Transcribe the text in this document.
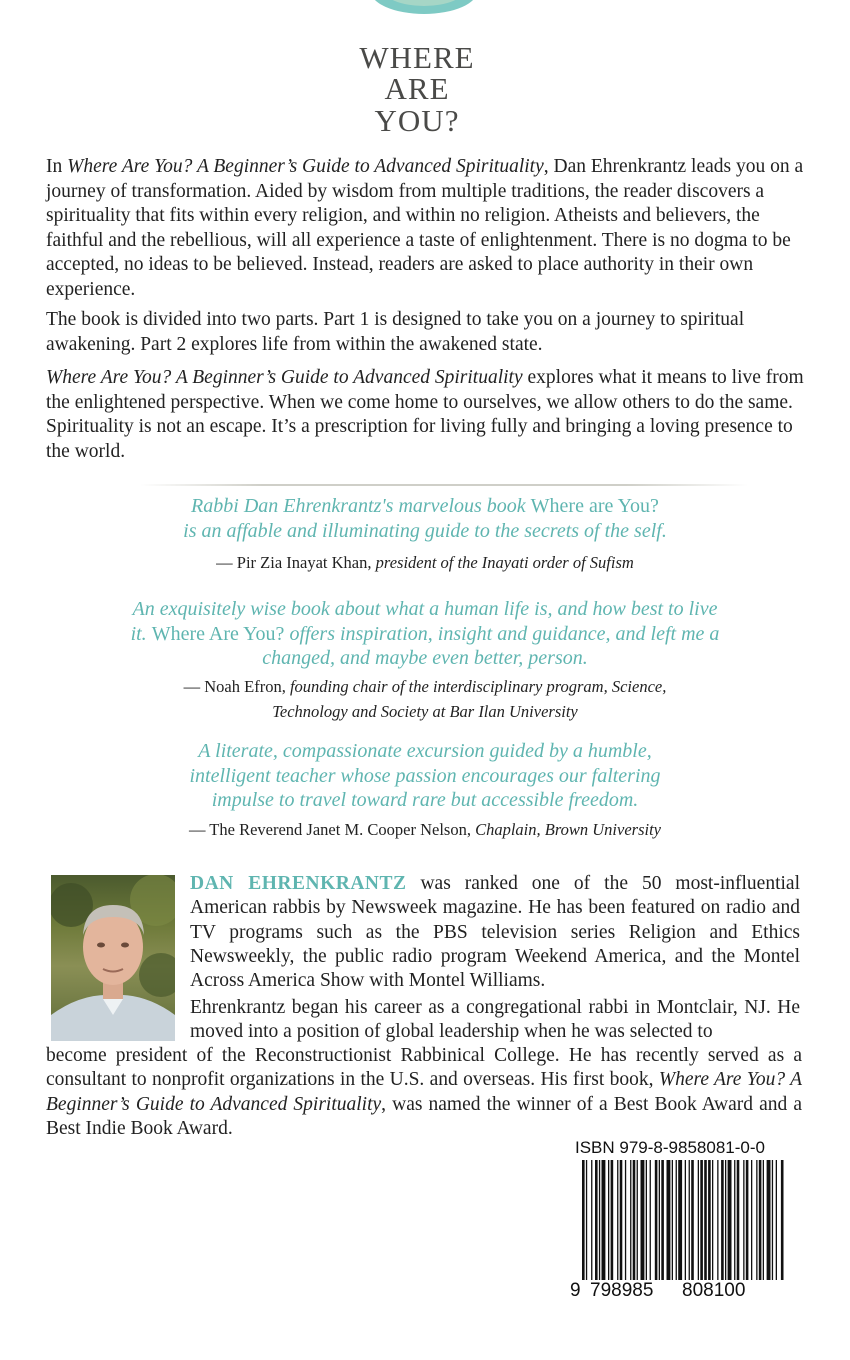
WHERE
ARE
YOU?

In Where Are You? A Beginner’s Guide to Advanced Spirituality, Dan Ehrenkrantz leads you on a journey of transformation. Aided by wisdom from multiple traditions, the reader discovers a spirituality that fits within every religion, and within no religion. Atheists and believers, the faithful and the rebellious, will all experience a taste of enlightenment. There is no dogma to be accepted, no ideas to be believed. Instead, readers are asked to place authority in their own experience.

The book is divided into two parts. Part 1 is designed to take you on a journey to spiritual awakening. Part 2 explores life from within the awakened state.

Where Are You? A Beginner’s Guide to Advanced Spirituality explores what it means to live from the enlightened perspective. When we come home to ourselves, we allow others to do the same. Spirituality is not an escape. It’s a prescription for living fully and bringing a loving presence to the world.

Rabbi Dan Ehrenkrantz's marvelous book Where are You?
is an affable and illuminating guide to the secrets of the self.
— Pir Zia Inayat Khan, president of the Inayati order of Sufism
An exquisitely wise book about what a human life is, and how best to live
it. Where Are You? offers inspiration, insight and guidance, and left me a
changed, and maybe even better, person.
— Noah Efron, founding chair of the interdisciplinary program, Science,
Technology and Society at Bar Ilan University
A literate, compassionate excursion guided by a humble,
intelligent teacher whose passion encourages our faltering
impulse to travel toward rare but accessible freedom.
— The Reverend Janet M. Cooper Nelson, Chaplain, Brown University

DAN EHRENKRANTZ was ranked one of the 50 most-influential American rabbis by Newsweek magazine. He has been featured on radio and TV programs such as the PBS television series Religion and Ethics Newsweekly, the public radio program Weekend America, and the Montel Across America Show with Montel Williams.

Ehrenkrantz began his career as a congregational rabbi in Montclair, NJ. He moved into a position of global leadership when he was selected to

become president of the Reconstructionist Rabbinical College. He has recently served as a consultant to nonprofit organizations in the U.S. and overseas. His first book, Where Are You? A Beginner’s Guide to Advanced Spirituality, was named the winner of a Best Book Award and a Best Indie Book Award.

ISBN 979-8-9858081-0-0
9 798985 808100
